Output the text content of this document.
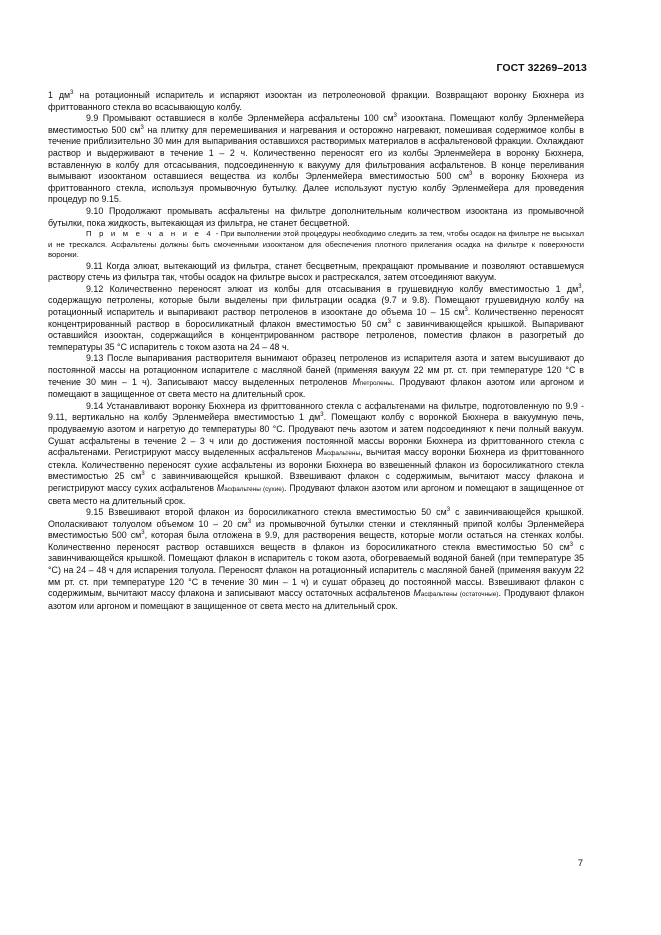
ГОСТ 32269–2013

1 $дм^3$ на ротационный испаритель и испаряют изооктан из петролеоновой фракции. Возвращают воронку Бюхнера из фриттованного стекла во всасывающую колбу.

9.9 Промывают оставшиеся в колбе Эрленмейера асфальтены 100 $см^3$ изооктана. Помещают колбу Эрленмейера вместимостью 500 $см^3$ на плитку для перемешивания и нагревания и осторожно нагревают, помешивая содержимое колбы в течение приблизительно 30 мин для выпаривания оставшихся растворимых материалов в асфальтеновой фракции. Охлаждают раствор и выдерживают в течение 1 – 2 ч. Количественно переносят его из колбы Эрленмейера в воронку Бюхнера, вставленную в колбу для отсасывания, подсоединенную к вакууму для фильтрования асфальтенов. В конце переливания вымывают изооктаном оставшиеся вещества из колбы Эрленмейера вместимостью 500 $см^3$ в воронку Бюхнера из фриттованного стекла, используя промывочную бутылку. Далее используют пустую колбу Эрленмейера для проведения процедур по 9.15.

9.10 Продолжают промывать асфальтены на фильтре дополнительным количеством изооктана из промывочной бутылки, пока жидкость, вытекающая из фильтра, не станет бесцветной.

П р и м е ч а н и е 4 - При выполнении этой процедуры необходимо следить за тем, чтобы осадок на фильтре не высыхал и не трескался. Асфальтены должны быть смоченными изооктаном для обеспечения плотного прилегания осадка на фильтре к поверхности воронки.

9.11 Когда элюат, вытекающий из фильтра, станет бесцветным, прекращают промывание и позволяют оставшемуся раствору стечь из фильтра так, чтобы осадок на фильтре высох и растрескался, затем отсоединяют вакуум.

9.12 Количественно переносят элюат из колбы для отсасывания в грушевидную колбу вместимостью 1 $дм^3$, содержащую петролены, которые были выделены при фильтрации осадка (9.7 и 9.8). Помещают грушевидную колбу на ротационный испаритель и выпаривают раствор петроленов в изооктане до объема 10 – 15 $см^3$. Количественно переносят концентрированный раствор в боросиликатный флакон вместимостью 50 $см^3$ с завинчивающейся крышкой. Выпаривают оставшийся изооктан, содержащийся в концентрированном растворе петроленов, поместив флакон в разогретый до температуры 35 °C испаритель с током азота на 24 – 48 ч.

9.13 После выпаривания растворителя вынимают образец петроленов из испарителя азота и затем высушивают до постоянной массы на ротационном испарителе с масляной баней (применяя вакуум 22 мм рт. ст. при температуре 120 °C в течение 30 мин – 1 ч). Записывают массу выделенных петроленов Mпетролены. Продувают флакон азотом или аргоном и помещают в защищенное от света место на длительный срок.

9.14 Устанавливают воронку Бюхнера из фриттованного стекла с асфальтенами на фильтре, подготовленную по 9.9 - 9.11, вертикально на колбу Эрленмейера вместимостью 1 $дм^3$. Помещают колбу с воронкой Бюхнера в вакуумную печь, продуваемую азотом и нагретую до температуры 80 °C. Продувают печь азотом и затем подсоединяют к печи полный вакуум. Сушат асфальтены в течение 2 – 3 ч или до достижения постоянной массы воронки Бюхнера из фриттованного стекла с асфальтенами. Регистрируют массу выделенных асфальтенов Mасфальтены, вычитая массу воронки Бюхнера из фриттованного стекла. Количественно переносят сухие асфальтены из воронки Бюхнера во взвешенный флакон из боросиликатного стекла вместимостью 25 $см^3$ с завинчивающейся крышкой. Взвешивают флакон с содержимым, вычитают массу флакона и регистрируют массу сухих асфальтенов Mасфальтены (сухие). Продувают флакон азотом или аргоном и помещают в защищенное от света место на длительный срок.

9.15 Взвешивают второй флакон из боросиликатного стекла вместимостью 50 $см^3$ с завинчивающейся крышкой. Ополаскивают толуолом объемом 10 – 20 $см^3$ из промывочной бутылки стенки и стеклянный припой колбы Эрленмейера вместимостью 500 $см^3$, которая была отложена в 9.9, для растворения веществ, которые могли остаться на стенках колбы. Количественно переносят раствор оставшихся веществ в флакон из боросиликатного стекла вместимостью 50 $см^3$ с завинчивающейся крышкой. Помещают флакон в испаритель с током азота, обогреваемый водяной баней (при температуре 35 °C) на 24 – 48 ч для испарения толуола. Переносят флакон на ротационный испаритель с масляной баней (применяя вакуум 22 мм рт. ст. при температуре 120 °C в течение 30 мин – 1 ч) и сушат образец до постоянной массы. Взвешивают флакон с содержимым, вычитают массу флакона и записывают массу остаточных асфальтенов Mасфальтены (остаточные). Продувают флакон азотом или аргоном и помещают в защищенное от света место на длительный срок.

7
